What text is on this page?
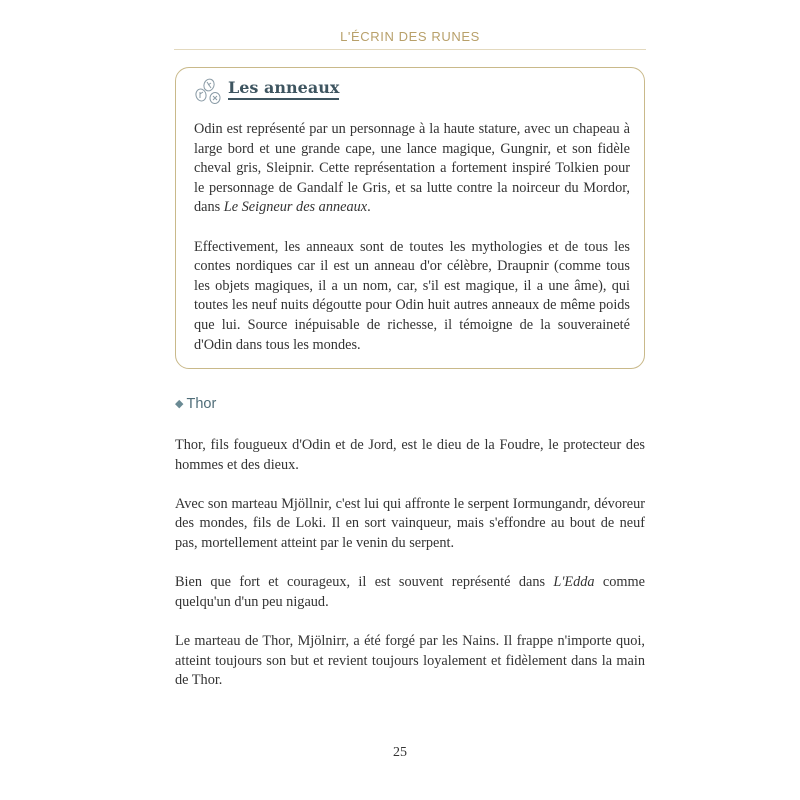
L'ÉCRIN DES RUNES
Les anneaux

Odin est représenté par un personnage à la haute stature, avec un chapeau à large bord et une grande cape, une lance magique, Gungnir, et son fidèle cheval gris, Sleipnir. Cette représentation a fortement inspiré Tolkien pour le personnage de Gandalf le Gris, et sa lutte contre la noirceur du Mordor, dans Le Seigneur des anneaux.

Effectivement, les anneaux sont de toutes les mythologies et de tous les contes nordiques car il est un anneau d'or célèbre, Draupnir (comme tous les objets magiques, il a un nom, car, s'il est magique, il a une âme), qui toutes les neuf nuits dégoutte pour Odin huit autres anneaux de même poids que lui. Source inépuisable de richesse, il témoigne de la souveraineté d'Odin dans tous les mondes.

◆ Thor

Thor, fils fougueux d'Odin et de Jord, est le dieu de la Foudre, le protecteur des hommes et des dieux.

Avec son marteau Mjöllnir, c'est lui qui affronte le serpent Iormungandr, dévoreur des mondes, fils de Loki. Il en sort vainqueur, mais s'effondre au bout de neuf pas, mortellement atteint par le venin du serpent.

Bien que fort et courageux, il est souvent représenté dans L'Edda comme quelqu'un d'un peu nigaud.

Le marteau de Thor, Mjölnirr, a été forgé par les Nains. Il frappe n'importe quoi, atteint toujours son but et revient toujours loyalement et fidèlement dans la main de Thor.

25
